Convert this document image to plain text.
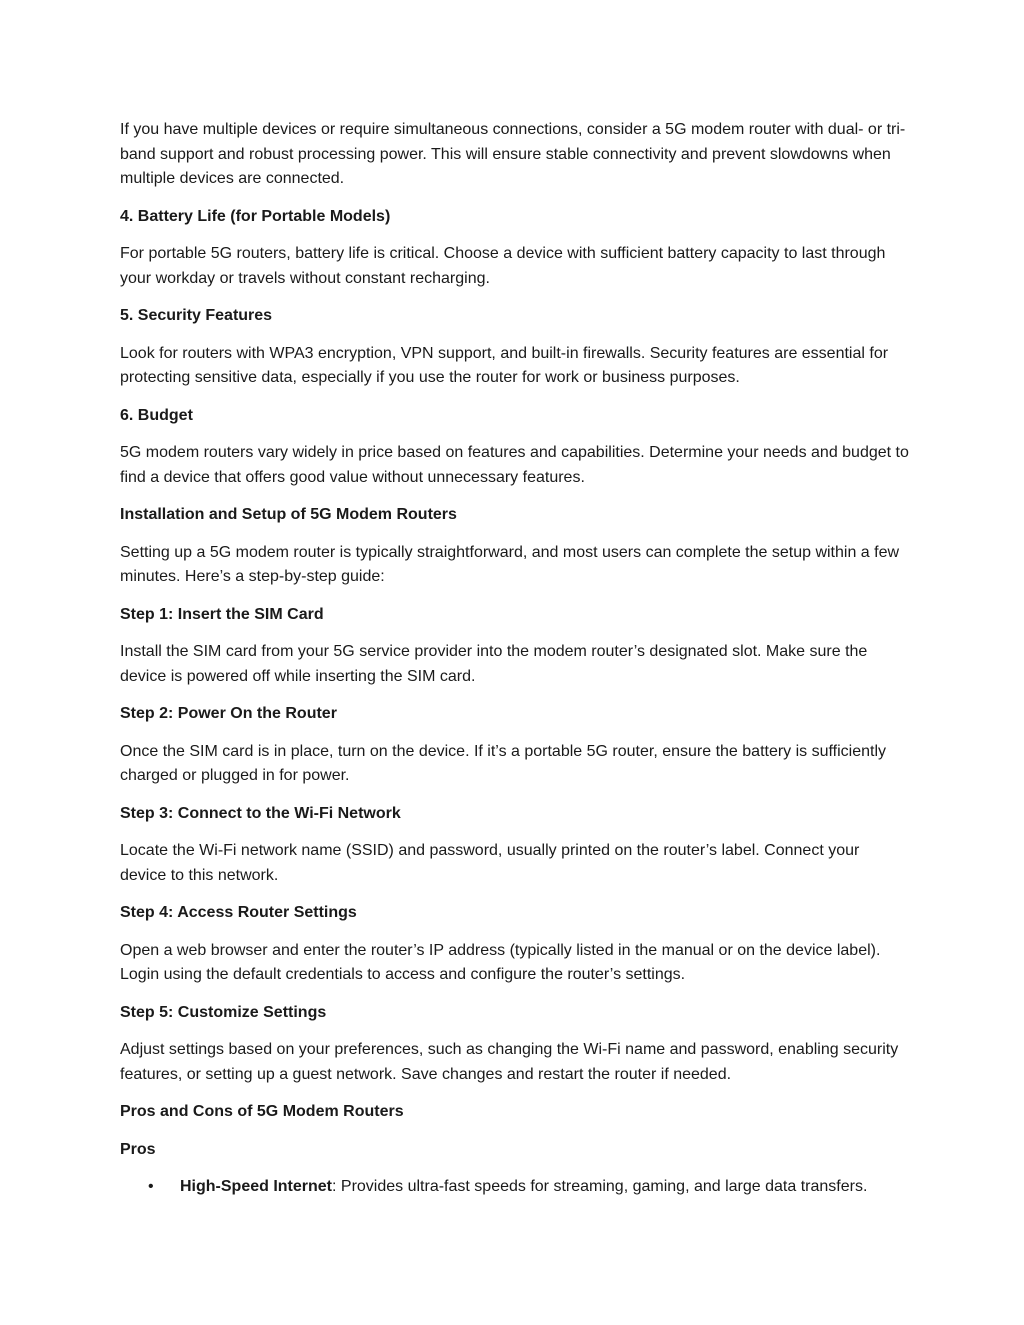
If you have multiple devices or require simultaneous connections, consider a 5G modem router with dual- or tri-band support and robust processing power. This will ensure stable connectivity and prevent slowdowns when multiple devices are connected.

4. Battery Life (for Portable Models)

For portable 5G routers, battery life is critical. Choose a device with sufficient battery capacity to last through your workday or travels without constant recharging.

5. Security Features

Look for routers with WPA3 encryption, VPN support, and built-in firewalls. Security features are essential for protecting sensitive data, especially if you use the router for work or business purposes.

6. Budget

5G modem routers vary widely in price based on features and capabilities. Determine your needs and budget to find a device that offers good value without unnecessary features.

Installation and Setup of 5G Modem Routers

Setting up a 5G modem router is typically straightforward, and most users can complete the setup within a few minutes. Here’s a step-by-step guide:

Step 1: Insert the SIM Card

Install the SIM card from your 5G service provider into the modem router’s designated slot. Make sure the device is powered off while inserting the SIM card.

Step 2: Power On the Router

Once the SIM card is in place, turn on the device. If it’s a portable 5G router, ensure the battery is sufficiently charged or plugged in for power.

Step 3: Connect to the Wi-Fi Network

Locate the Wi-Fi network name (SSID) and password, usually printed on the router’s label. Connect your device to this network.

Step 4: Access Router Settings

Open a web browser and enter the router’s IP address (typically listed in the manual or on the device label). Login using the default credentials to access and configure the router’s settings.

Step 5: Customize Settings

Adjust settings based on your preferences, such as changing the Wi-Fi name and password, enabling security features, or setting up a guest network. Save changes and restart the router if needed.

Pros and Cons of 5G Modem Routers

Pros

• High-Speed Internet: Provides ultra-fast speeds for streaming, gaming, and large data transfers.
